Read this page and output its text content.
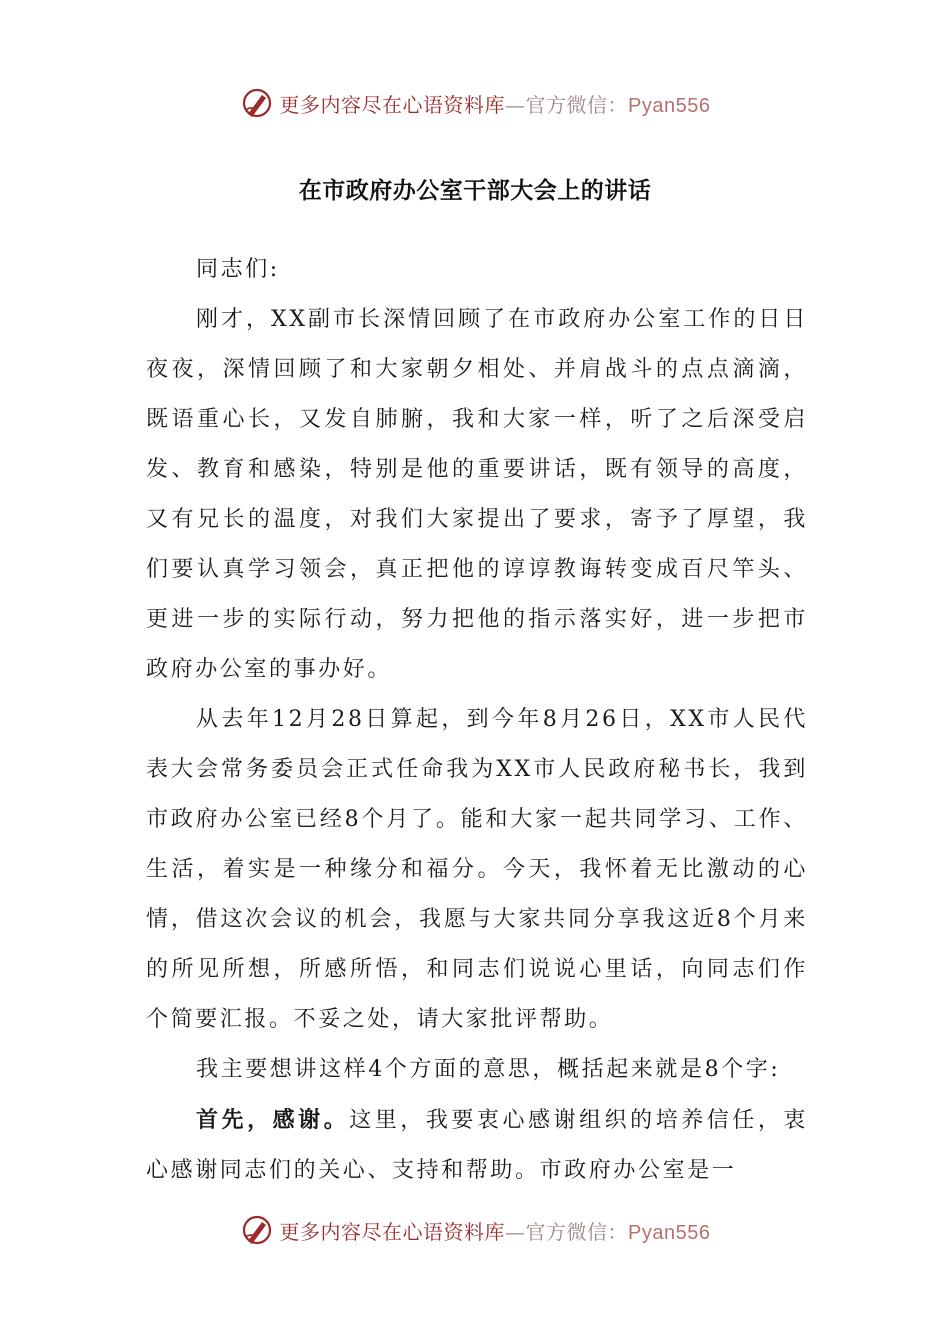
更多内容尽在心语资料库—官方微信：Pyan556
在市政府办公室干部大会上的讲话

同志们:

刚才，XX副市长深情回顾了在市政府办公室工作的日日夜夜，深情回顾了和大家朝夕相处、并肩战斗的点点滴滴，既语重心长，又发自肺腑，我和大家一样，听了之后深受启发、教育和感染，特别是他的重要讲话，既有领导的高度，又有兄长的温度，对我们大家提出了要求，寄予了厚望，我们要认真学习领会，真正把他的谆谆教诲转变成百尺竿头、更进一步的实际行动，努力把他的指示落实好，进一步把市政府办公室的事办好。

从去年12月28日算起，到今年8月26日，XX市人民代表大会常务委员会正式任命我为XX市人民政府秘书长，我到市政府办公室已经8个月了。能和大家一起共同学习、工作、生活，着实是一种缘分和福分。今天，我怀着无比激动的心情，借这次会议的机会，我愿与大家共同分享我这近8个月来的所见所想，所感所悟，和同志们说说心里话，向同志们作个简要汇报。不妥之处，请大家批评帮助。

我主要想讲这样4个方面的意思，概括起来就是8个字:

首先，感谢。这里，我要衷心感谢组织的培养信任，衷心感谢同志们的关心、支持和帮助。市政府办公室是一

更多内容尽在心语资料库—官方微信：Pyan556
